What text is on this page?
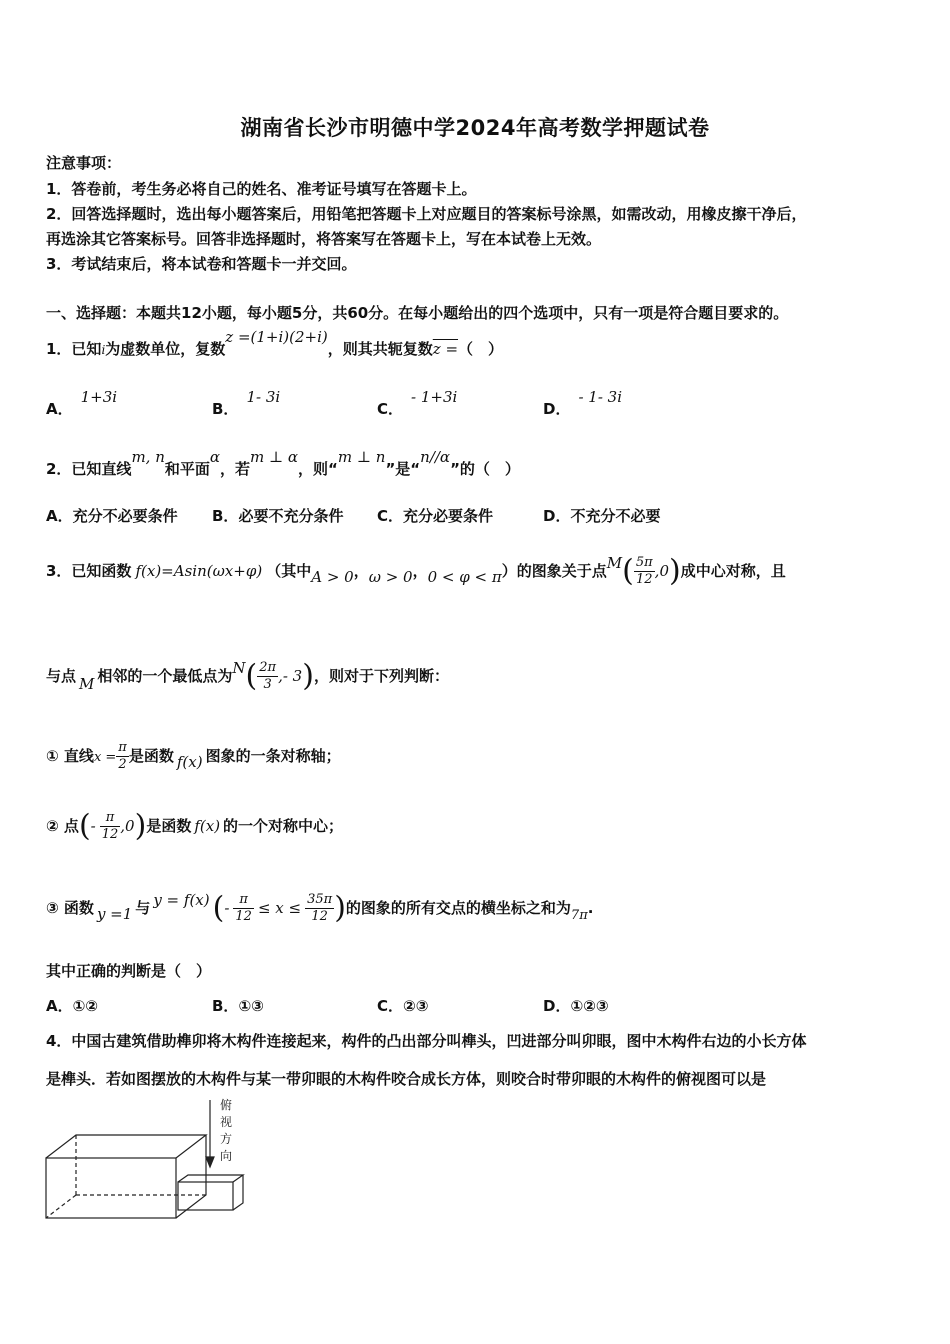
湖南省长沙市明德中学2024年高考数学押题试卷
注意事项：
1．答卷前，考生务必将自己的姓名、准考证号填写在答题卡上。
2．回答选择题时，选出每小题答案后，用铅笔把答题卡上对应题目的答案标号涂黑，如需改动，用橡皮擦干净后，
再选涂其它答案标号。回答非选择题时，将答案写在答题卡上，写在本试卷上无效。
3．考试结束后，将本试卷和答题卡一并交回。
一、选择题：本题共12小题，每小题5分，共60分。在每小题给出的四个选项中，只有一项是符合题目要求的。
1．已知i为虚数单位，复数z =(1+i)(2+i)，则其共轭复数z =（　）
A．1+3i
B．1- 3i
C．- 1+3i
D．- 1- 3i
2．已知直线m, n和平面α，若m ⊥ α，则“m ⊥ n”是“n//α”的（　）
A．充分不必要条件 B．必要不充分条件 C．充分必要条件	D．不充分不必要
3．已知函数 f(x)=Asin(ωx+φ) （其中A > 0，ω > 0，0 < φ < π）的图象关于点$M( \frac{5\pi}{12} ,0)$成中心对称，且
与点 M 相邻的一个最低点为$N( \frac{2\pi}{3}$ ,- 3)，则对于下列判断：
① 直线$x = \frac{\pi}{2}$ 是函数 f(x) 图象的一条对称轴；
② 点(- $\frac{\pi}{12} ,0$)是函数 f(x) 的一个对称中心；
③ 函数 y =1 与 y = f(x) (- $\frac{\pi}{12} \le x \le \frac{35\pi}{12}$ )的图象的所有交点的横坐标之和为7π.
其中正确的判断是（　）
A．①②	B．①③	C．②③	D．①②③
4．中国古建筑借助榫卯将木构件连接起来，构件的凸出部分叫榫头，凹进部分叫卯眼，图中木构件右边的小长方体
是榫头．若如图摆放的木构件与某一带卯眼的木构件咬合成长方体，则咬合时带卯眼的木构件的俯视图可以是
俯
视
方
向
